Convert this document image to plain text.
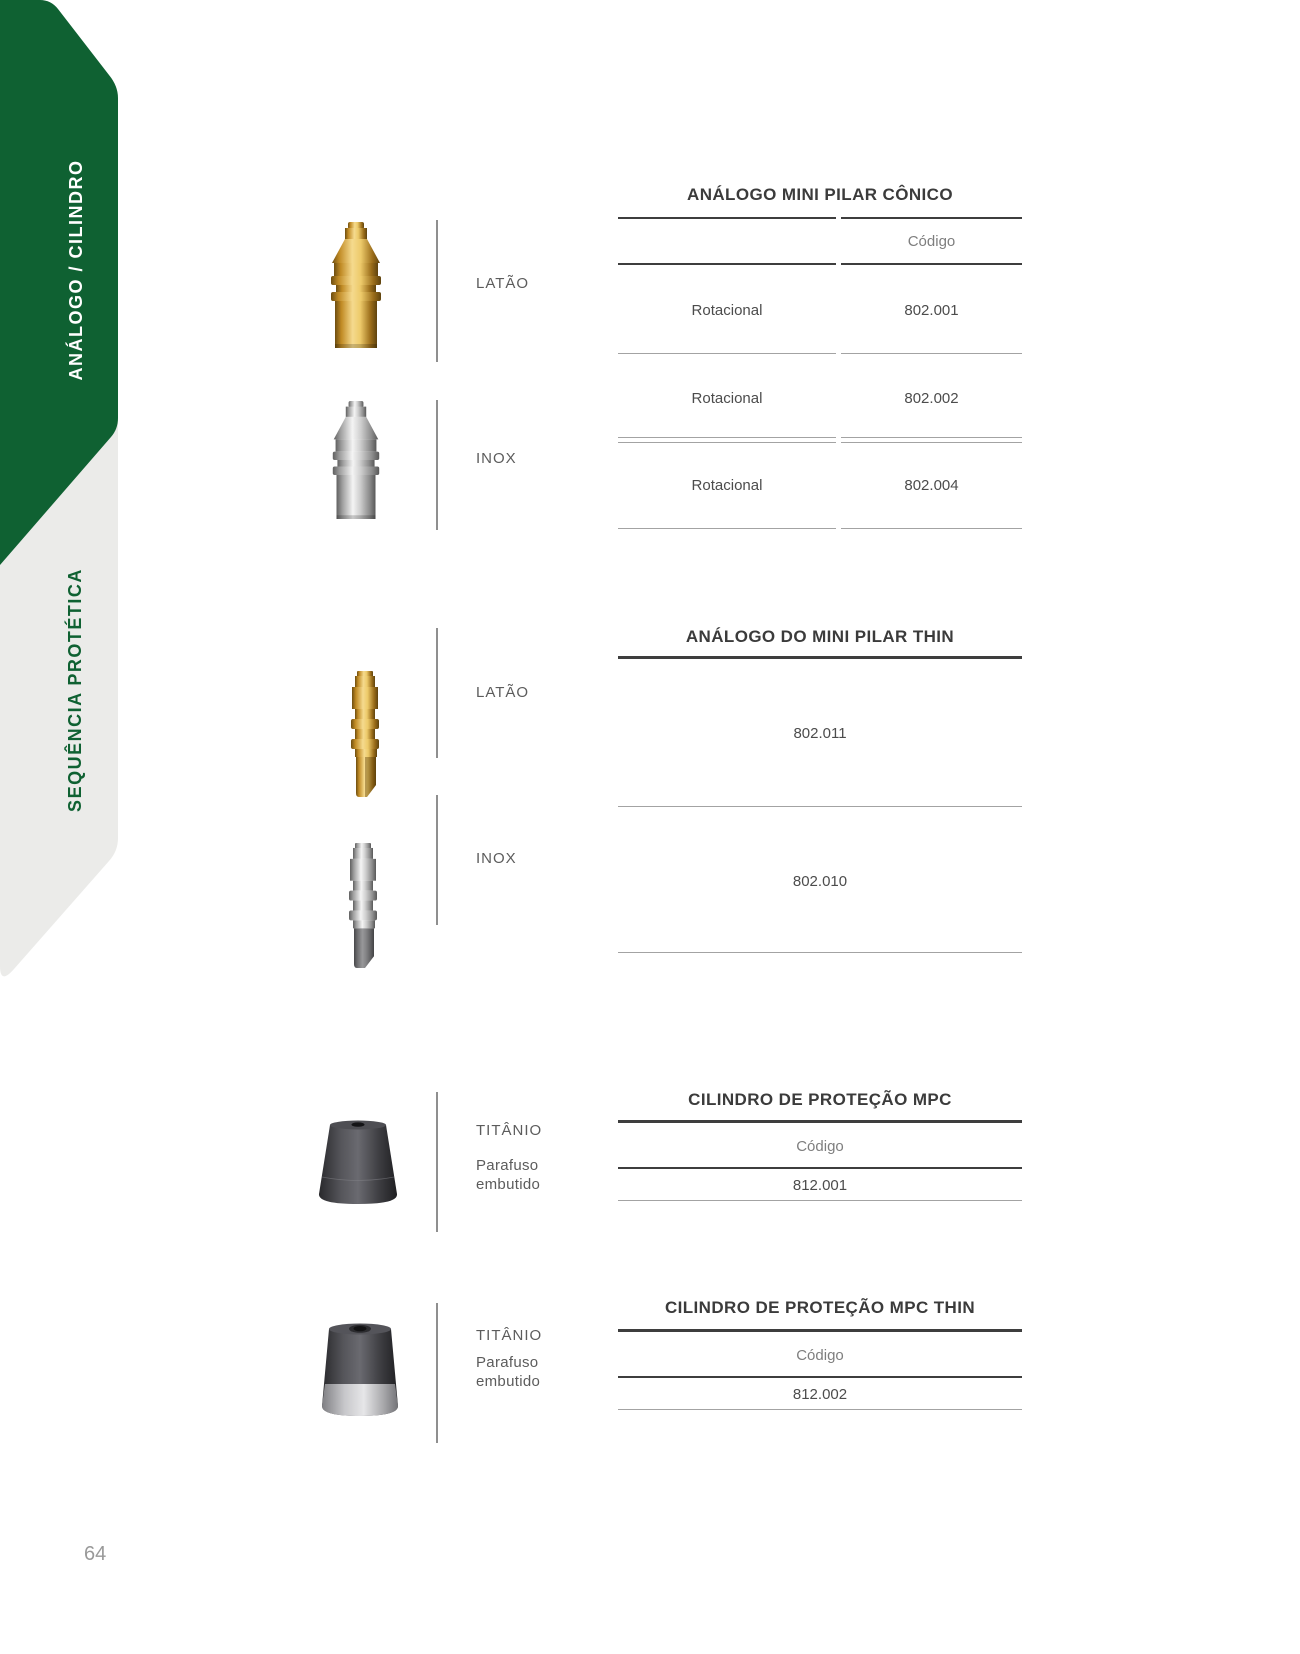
ANÁLOGO / CILINDRO
SEQUÊNCIA PROTÉTICA
LATÃO
INOX
ANÁLOGO MINI PILAR CÔNICO
Código
Rotacional	802.001
Rotacional	802.002
Rotacional	802.004
LATÃO
INOX
ANÁLOGO DO MINI PILAR THIN
802.011
802.010
TITÂNIO
Parafuso
embutido
CILINDRO DE PROTEÇÃO MPC
Código
812.001
TITÂNIO
Parafuso
embutido
CILINDRO DE PROTEÇÃO MPC THIN
Código
812.002
64
